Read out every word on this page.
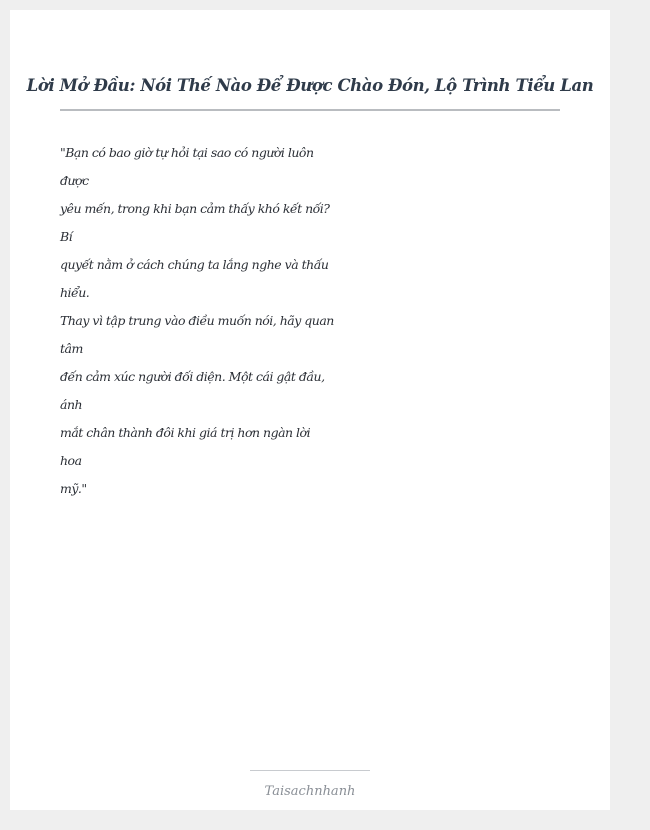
Lời Mở Đầu: Nói Thế Nào Để Được Chào Đón, Lộ Trình Tiểu Lan
"Bạn có bao giờ tự hỏi tại sao có người luôn
được
yêu mến, trong khi bạn cảm thấy khó kết nối?
Bí
quyết nằm ở cách chúng ta lắng nghe và thấu
hiểu.
Thay vì tập trung vào điều muốn nói, hãy quan
tâm
đến cảm xúc người đối diện. Một cái gật đầu,
ánh
mắt chân thành đôi khi giá trị hơn ngàn lời
hoa
mỹ."
Taisachnhanh
